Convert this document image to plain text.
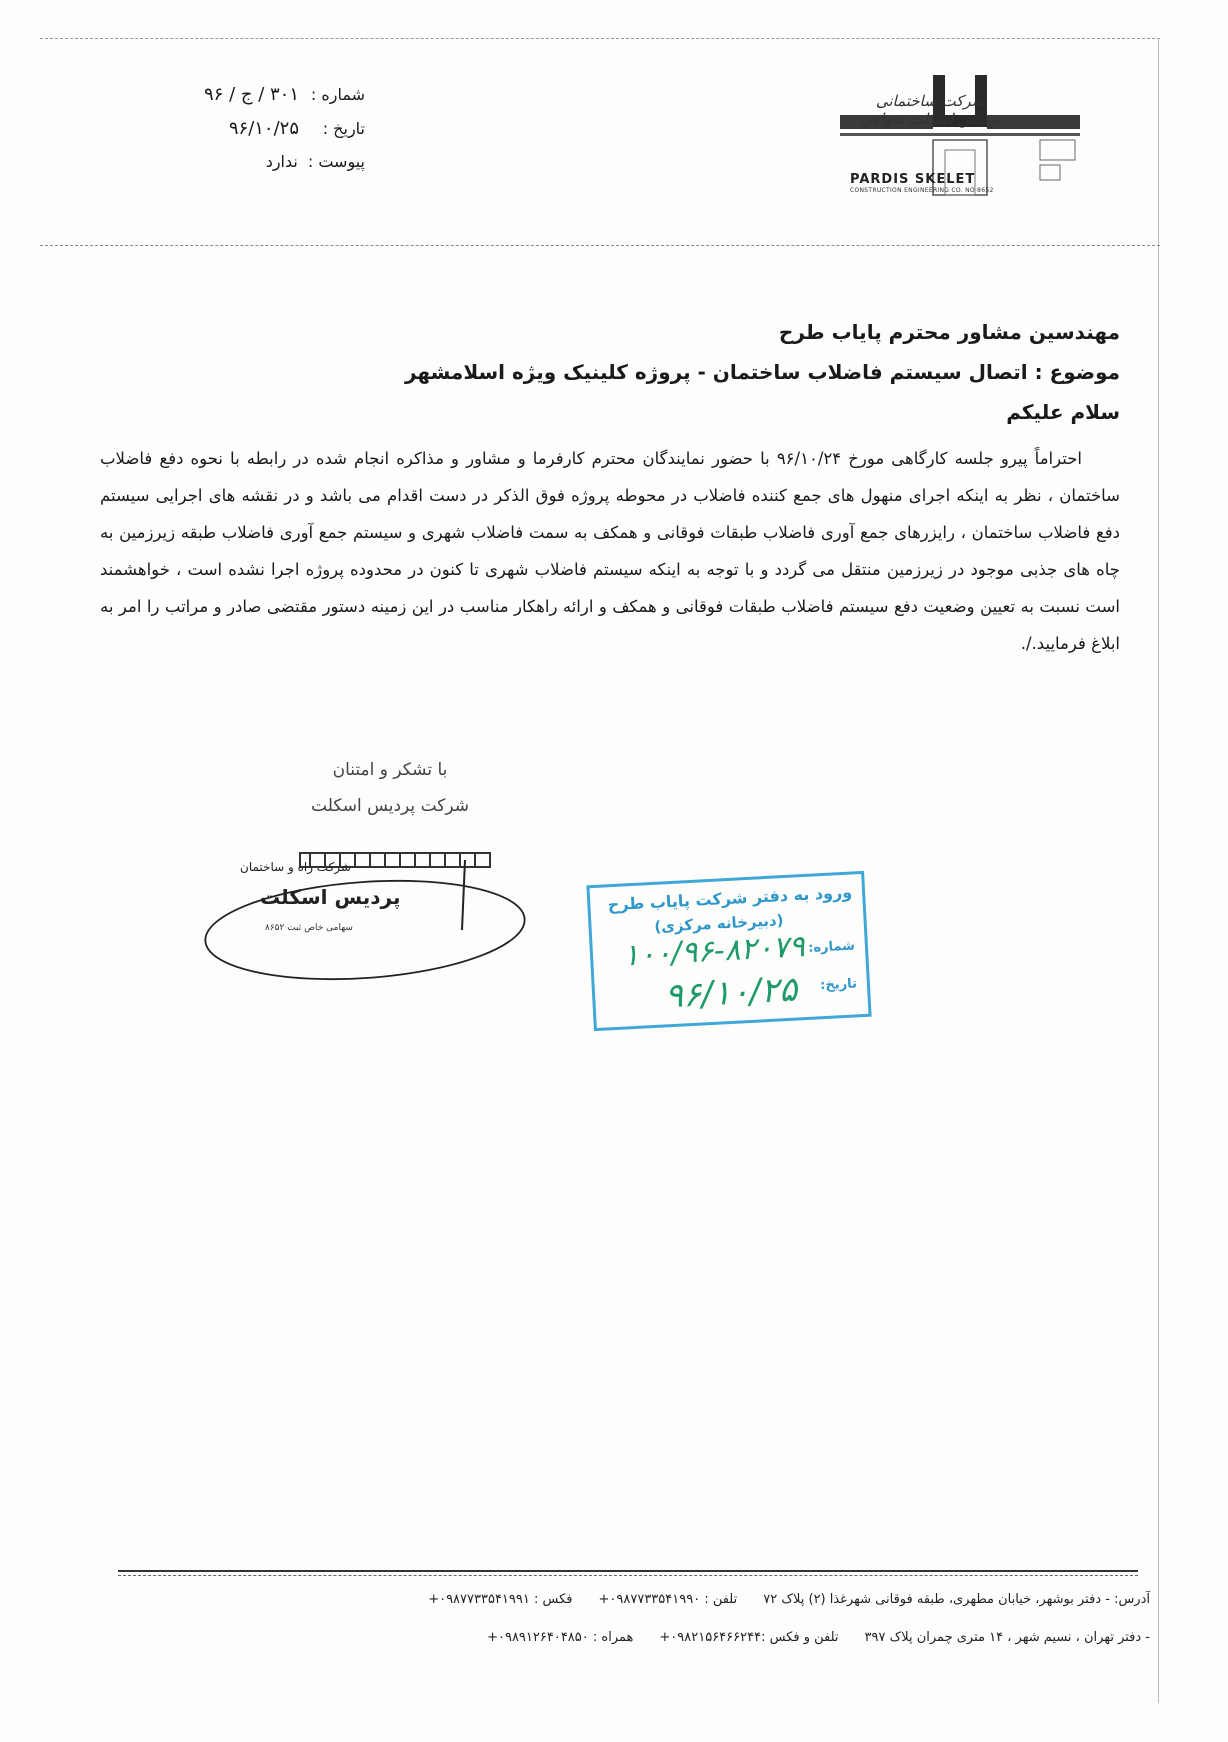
شرکت ساختمانی پردیس اسکلت سهامی
PARDIS SKELET
CONSTRUCTION ENGINEERING CO. NO 8652
شماره :
۳۰۱ / ج / ۹۶
تاریخ :
۹۶/۱۰/۲۵
پیوست :
ندارد

مهندسین مشاور محترم پایاب طرح

موضوع : اتصال سیستم فاضلاب ساختمان - پروژه کلینیک ویژه اسلامشهر

سلام علیکم

احتراماً پیرو جلسه کارگاهی مورخ ۹۶/۱۰/۲۴ با حضور نمایندگان محترم کارفرما و مشاور و مذاکره انجام شده در رابطه با نحوه دفع فاضلاب ساختمان ، نظر به اینکه اجرای منهول های جمع کننده فاضلاب در محوطه پروژه فوق الذکر در دست اقدام می باشد و در نقشه های اجرایی سیستم دفع فاضلاب ساختمان ، رایزرهای جمع آوری فاضلاب طبقات فوقانی و همکف به سمت فاضلاب شهری و سیستم جمع آوری فاضلاب طبقه زیرزمین به چاه های جذبی موجود در زیرزمین منتقل می گردد و با توجه به اینکه سیستم فاضلاب شهری تا کنون در محدوده پروژه اجرا نشده است ، خواهشمند است نسبت به تعیین وضعیت دفع سیستم فاضلاب طبقات فوقانی و همکف و ارائه راهکار مناسب در این زمینه دستور مقتضی صادر و مراتب را امر به ابلاغ فرمایید./.

با تشکر و امتنان
شرکت پردیس اسکلت
شرکت راه و ساختمان
پردیس اسکلت
سهامی خاص ثبت ۸۶۵۲
ورود به دفتر شرکت پایاب طرح
(دبیرخانه مرکزی)
شماره:
۱۰۰/۹۶-۸۲۰۷۹
تاریخ:
۹۶/۱۰/۲۵
آدرس: - دفتر بوشهر، خیابان مطهری، طبقه فوقانی شهرغذا (۲) پلاک ۷۲
تلفن : ۰۹۸۷۷۳۳۵۴۱۹۹۰+
فکس : ۰۹۸۷۷۳۳۵۴۱۹۹۱+
- دفتر تهران ، نسیم شهر ، ۱۴ متری چمران پلاک ۳۹۷
تلفن و فکس :۰۹۸۲۱۵۶۴۶۶۲۴۴+
همراه : ۰۹۸۹۱۲۶۴۰۴۸۵۰+
